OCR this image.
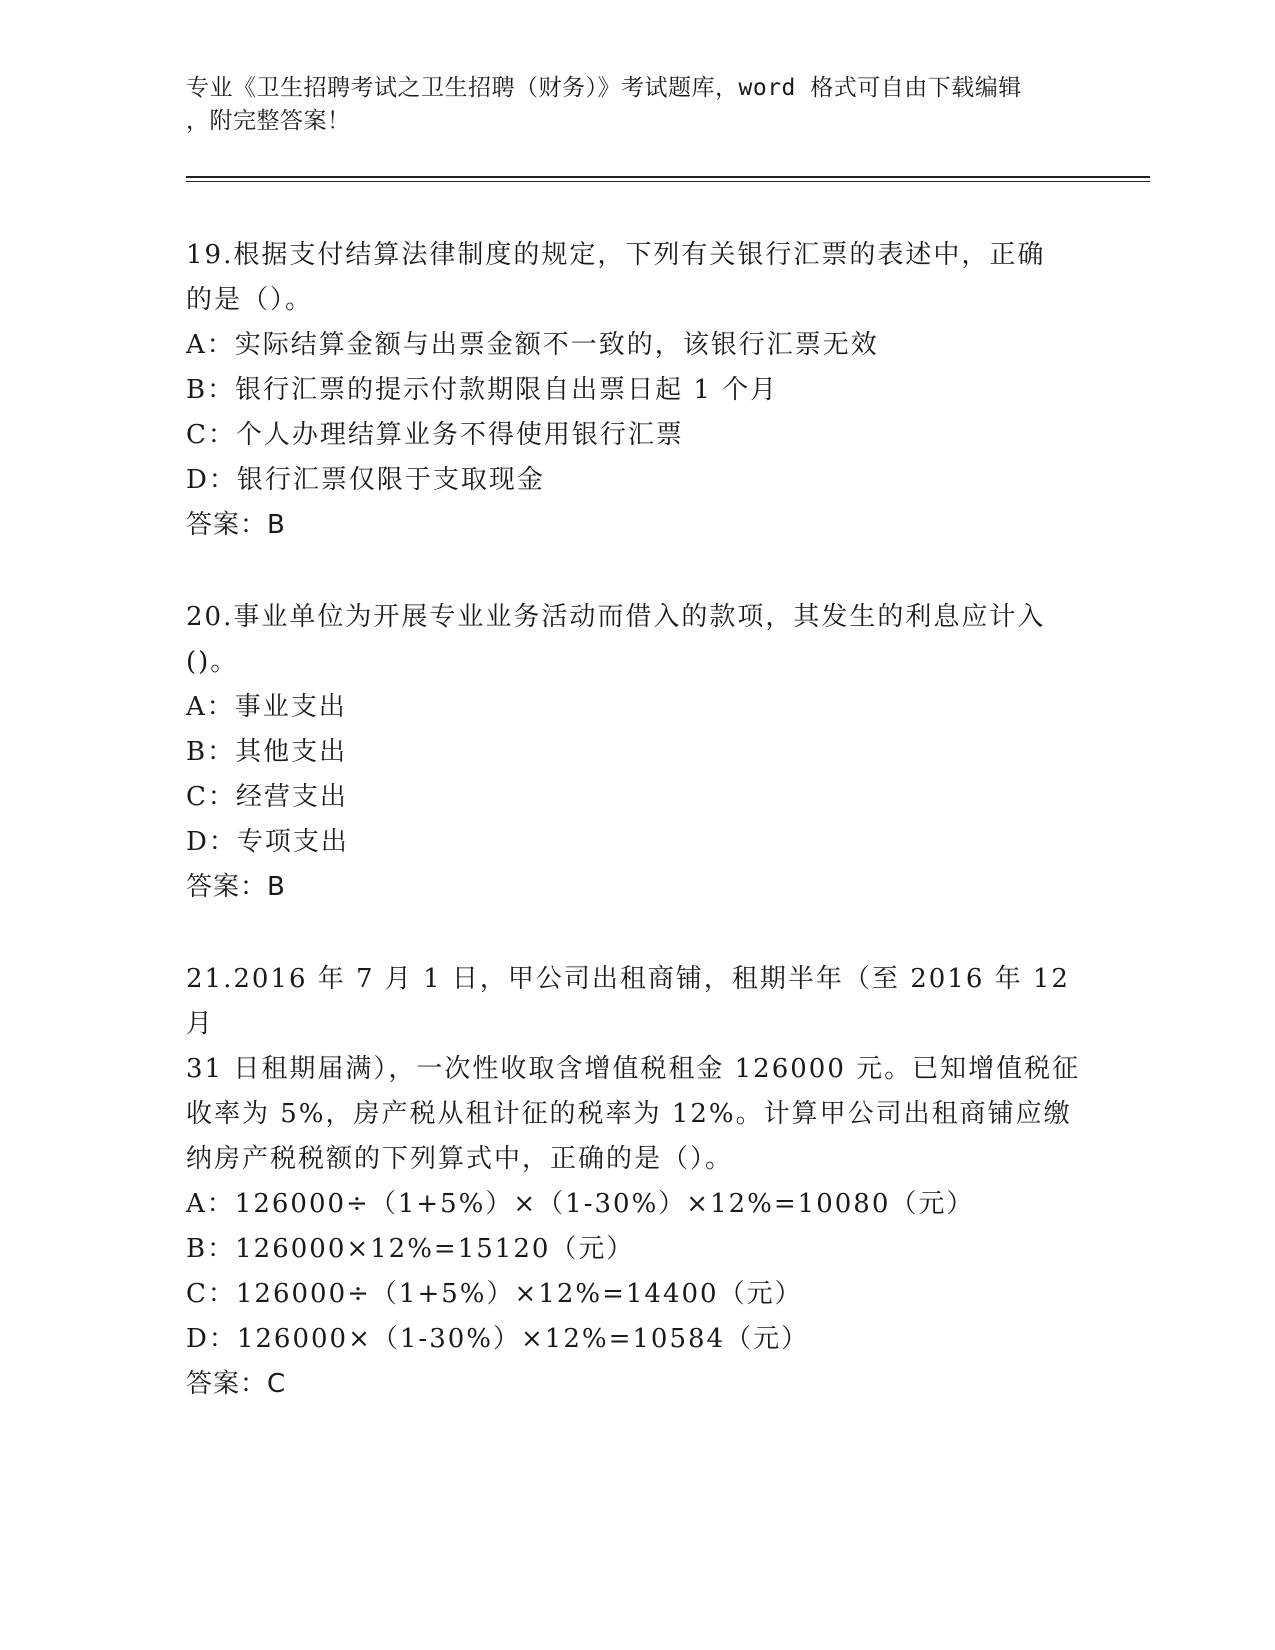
专业《卫生招聘考试之卫生招聘（财务）》考试题库，word 格式可自由下载编辑
，附完整答案！

19.根据支付结算法律制度的规定，下列有关银行汇票的表述中，正确

的是（）。

A：实际结算金额与出票金额不一致的，该银行汇票无效

B：银行汇票的提示付款期限自出票日起 1 个月

C：个人办理结算业务不得使用银行汇票

D：银行汇票仅限于支取现金

答案：B

20.事业单位为开展专业业务活动而借入的款项，其发生的利息应计入

()。

A：事业支出

B：其他支出

C：经营支出

D：专项支出

答案：B

21.2016 年 7 月 1 日，甲公司出租商铺，租期半年（至 2016 年 12 月

31 日租期届满），一次性收取含增值税租金 126000 元。已知增值税征

收率为 5%，房产税从租计征的税率为 12%。计算甲公司出租商铺应缴

纳房产税税额的下列算式中，正确的是（）。

A：126000÷（1+5%）×（1-30%）×12%=10080（元）

B：126000×12%=15120（元）

C：126000÷（1+5%）×12%=14400（元）

D：126000×（1-30%）×12%=10584（元）

答案：C
